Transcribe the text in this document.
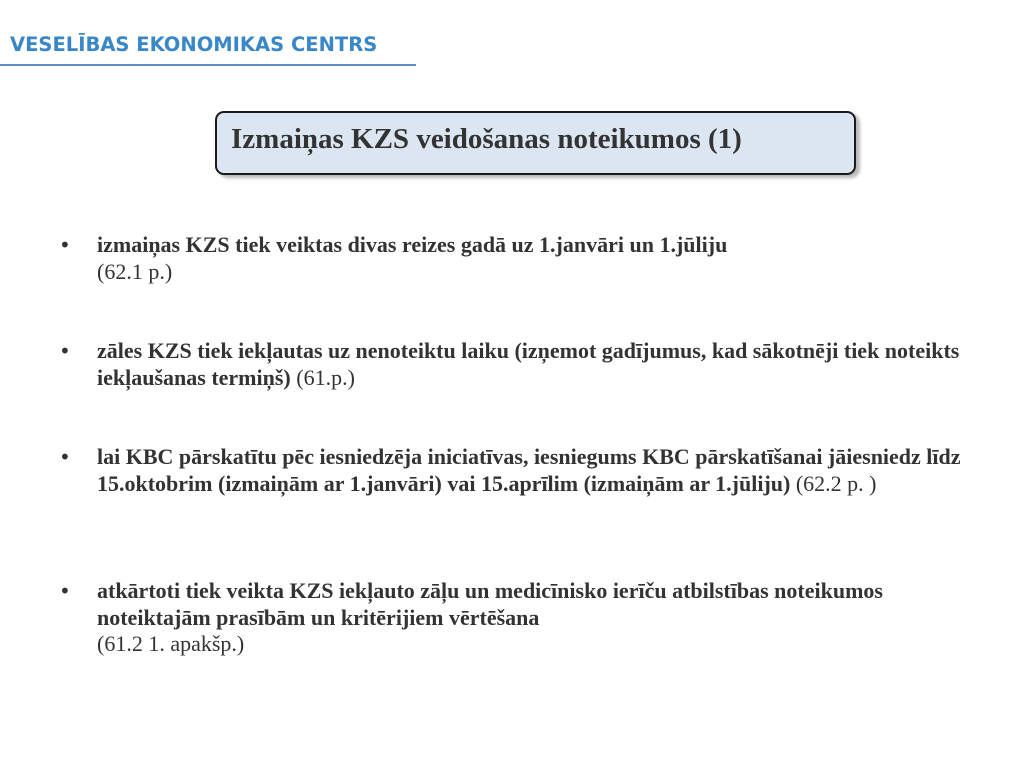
VESELĪBAS EKONOMIKAS CENTRS
Izmaiņas KZS veidošanas noteikumos (1)
• izmaiņas KZS tiek veiktas divas reizes gadā uz 1.janvāri un 1.jūliju
(62.1 p.)
• zāles KZS tiek iekļautas uz nenoteiktu laiku (izņemot gadījumus, kad sākotnēji tiek noteikts iekļaušanas termiņš) (61.p.)
• lai KBC pārskatītu pēc iesniedzēja iniciatīvas, iesniegums KBC pārskatīšanai jāiesniedz līdz 15.oktobrim (izmaiņām ar 1.janvāri) vai 15.aprīlim (izmaiņām ar 1.jūliju) (62.2 p. )
• atkārtoti tiek veikta KZS iekļauto zāļu un medicīnisko ierīču atbilstības noteikumos noteiktajām prasībām un kritērijiem vērtēšana
(61.2 1. apakšp.)
